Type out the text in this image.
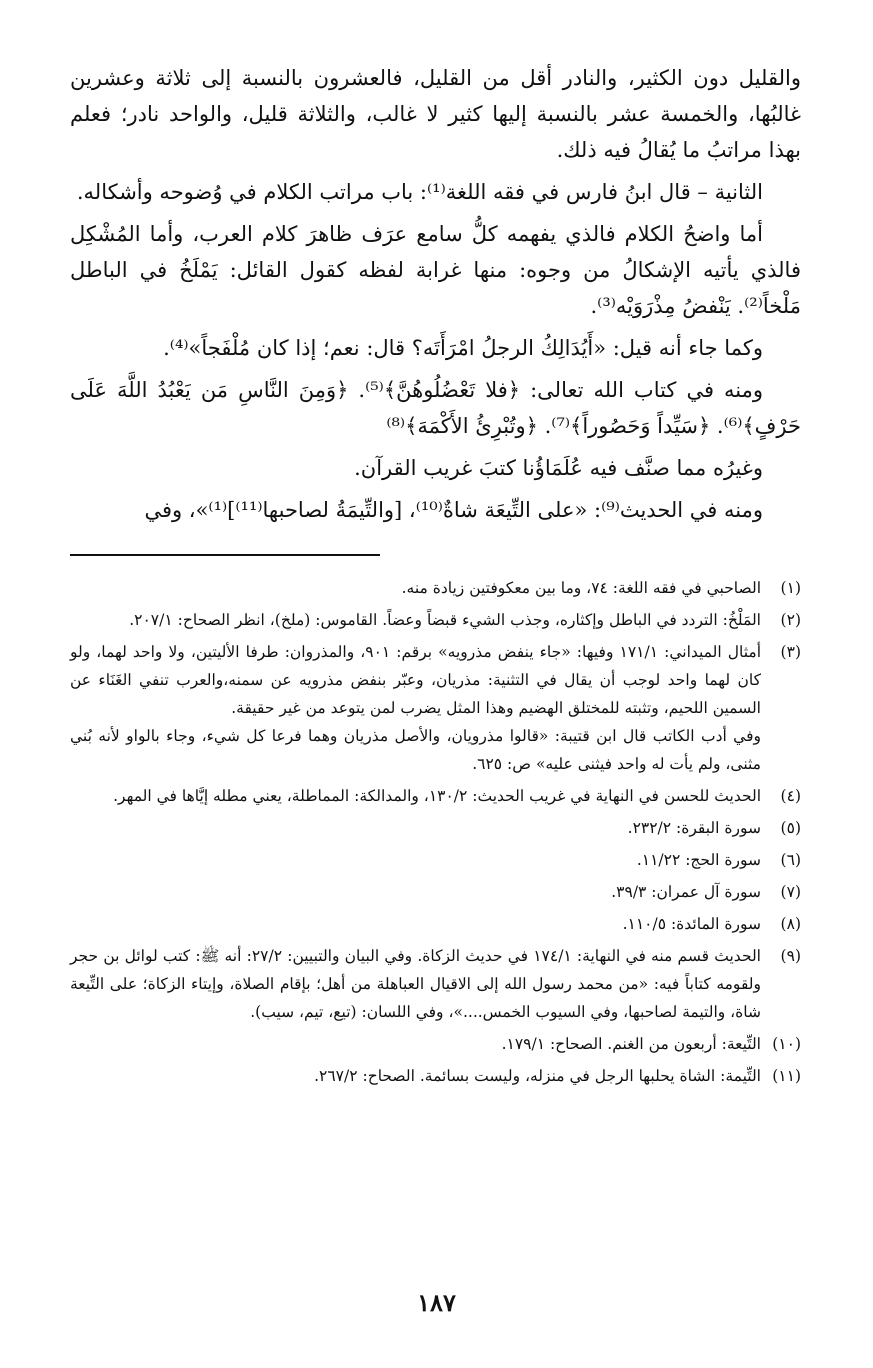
والقليل دون الكثير، والنادر أقل من القليل، فالعشرون بالنسبة إلى ثلاثة وعشرين غالبُها، والخمسة عشر بالنسبة إليها كثير لا غالب، والثلاثة قليل، والواحد نادر؛ فعلم بهذا مراتبُ ما يُقالُ فيه ذلك.

الثانية – قال ابنُ فارس في فقه اللغة⁽¹⁾: باب مراتب الكلام في وُضوحه وأشكاله.

أما واضحُ الكلام فالذي يفهمه كلُّ سامع عرَف ظاهرَ كلام العرب، وأما المُشْكِل فالذي يأتيه الإشكالُ من وجوه: منها غرابة لفظه كقول القائل: يَمْلَخُ في الباطل مَلْخاً⁽²⁾. يَنْفضُ مِذْرَوَيْه⁽³⁾.

وكما جاء أنه قيل: «أَيُدَالِكُ الرجلُ امْرَأَتَه؟ قال: نعم؛ إذا كان مُلْفَجاً»⁽⁴⁾.

ومنه في كتاب الله تعالى: ﴿فلا تَعْضُلُوهُنَّ﴾⁽⁵⁾. ﴿وَمِنَ النَّاسِ مَن يَعْبُدُ اللَّهَ عَلَى حَرْفٍ﴾⁽⁶⁾. ﴿سَيِّداً وَحَصُوراً﴾⁽⁷⁾. ﴿وتُبْرِئُ الأَكْمَهَ﴾⁽⁸⁾

وغيرُه مما صنَّف فيه عُلَمَاؤُنا كتبَ غريب القرآن.

ومنه في الحديث⁽⁹⁾: «على التِّيعَة شاةٌ⁽¹⁰⁾، [والتِّيمَةُ لصاحبها⁽¹¹⁾]⁽¹⁾»، وفي

(١)

الصاحبي في فقه اللغة: ٧٤، وما بين معكوفتين زيادة منه.

(٢)

المَلْخُ: التردد في الباطل وإكثاره، وجذب الشيء قبضاً وعضاً. القاموس: (ملخ)، انظر الصحاح: ٢٠٧/١.

(٣)

أمثال الميداني: ١٧١/١ وفيها: «جاء ينفض مذرويه» برقم: ٩٠١، والمذروان: طرفا الأليتين، ولا واحد لهما، ولو كان لهما واحد لوجب أن يقال في التثنية: مذريان، وعبّر بنفض مذرويه عن سمنه،والعرب تنفي الغَنَاء عن السمين اللحيم، وتثبته للمختلق الهضيم وهذا المثل يضرب لمن يتوعد من غير حقيقة.

وفي أدب الكاتب قال ابن قتيبة: «قالوا مذرويان، والأصل مذريان وهما فرعا كل شيء، وجاء بالواو لأنه بُني مثنى، ولم يأت له واحد فيثنى عليه» ص: ٦٢٥.

(٤)

الحديث للحسن في النهاية في غريب الحديث: ١٣٠/٢، والمدالكة: المماطلة، يعني مطله إيَّاها في المهر.

(٥)

سورة البقرة: ٢٣٢/٢.

(٦)

سورة الحج: ١١/٢٢.

(٧)

سورة آل عمران: ٣٩/٣.

(٨)

سورة المائدة: ١١٠/٥.

(٩)

الحديث قسم منه في النهاية: ١٧٤/١ في حديث الزكاة. وفي البيان والتبيين: ٢٧/٢: أنه ﷺ: كتب لوائل بن حجر ولقومه كتاباً فيه: «من محمد رسول الله إلى الاقيال العباهلة من أهل؛ بإقام الصلاة، وإيتاء الزكاة؛ على التِّيعة شاة، والتيمة لصاحبها، وفي السيوب الخمس....»، وفي اللسان: (تيع، تيم، سيب).

(١٠)

التِّيعة: أربعون من الغنم. الصحاح: ١٧٩/١.

(١١)

التِّيمة: الشاة يحلبها الرجل في منزله، وليست بسائمة. الصحاح: ٢٦٧/٢.

١٨٧
